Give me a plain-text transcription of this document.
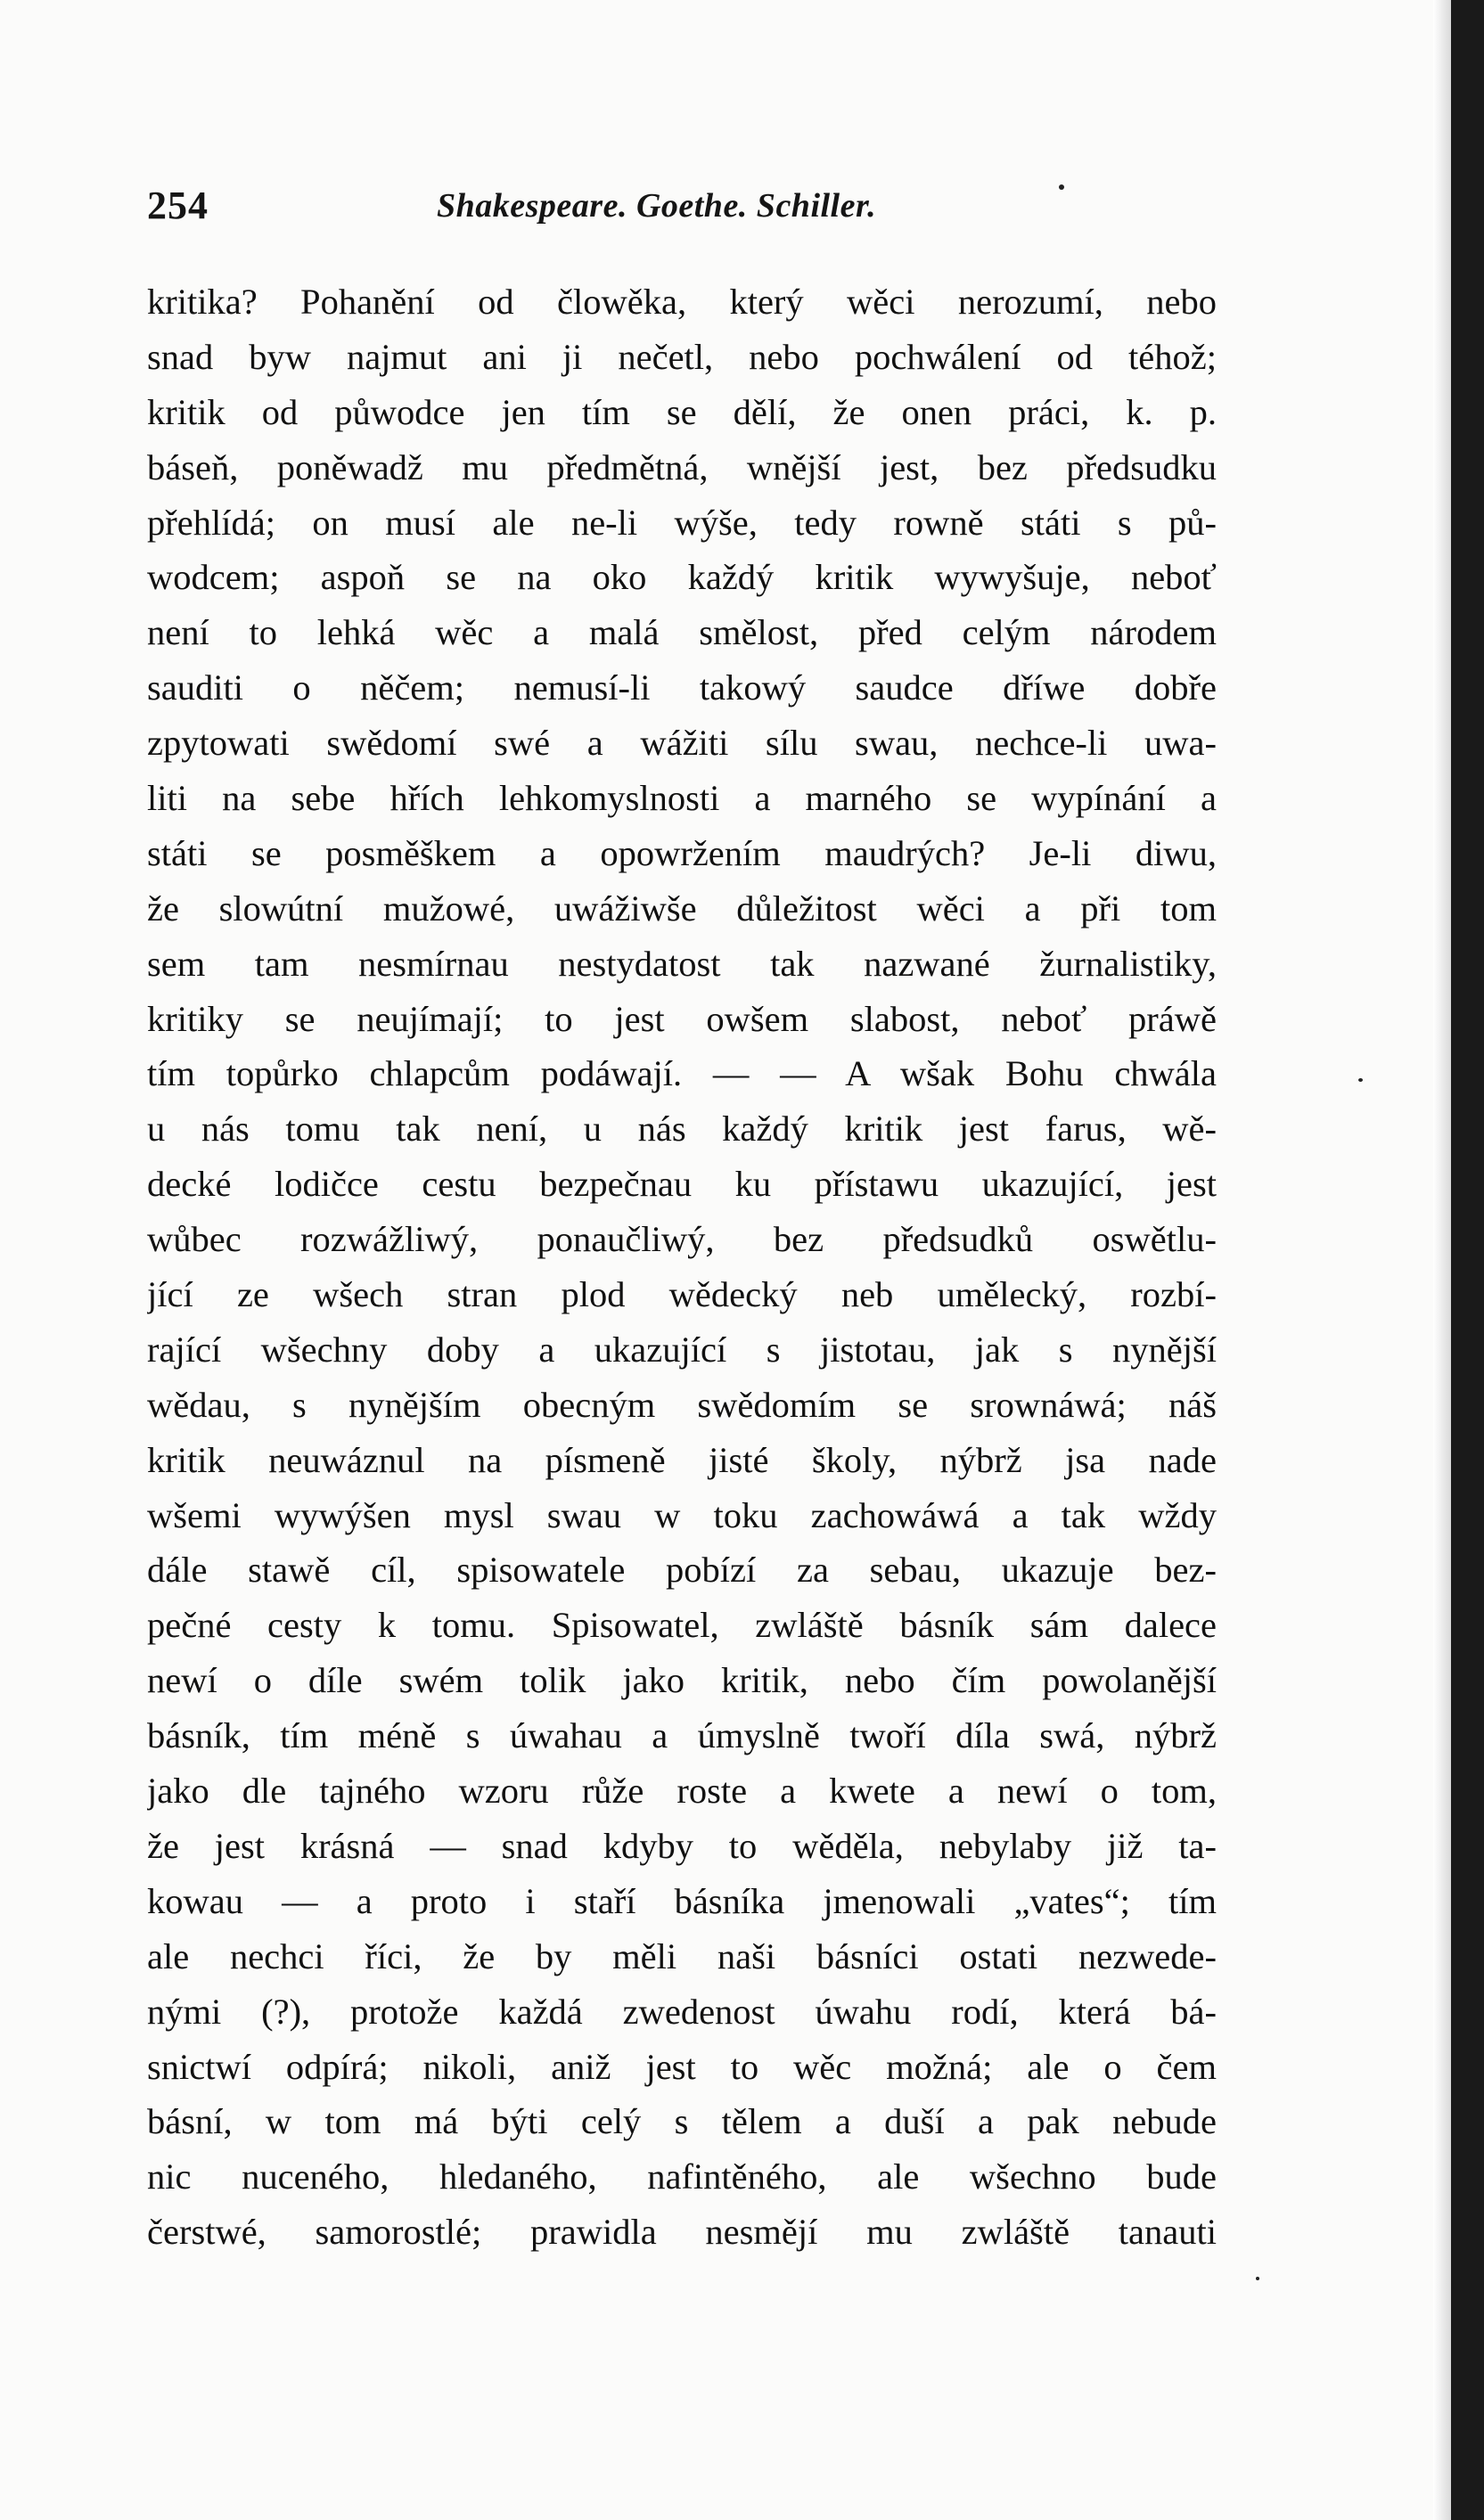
254	Shakespeare. Goethe. Schiller.
kritika? Pohanění od člowěka, který wěci nerozumí, nebo
snad byw najmut ani ji nečetl, nebo pochwálení od téhož;
kritik od půwodce jen tím se dělí, že onen práci, k. p.
báseň, poněwadž mu předmětná, wnější jest, bez předsudku
přehlídá; on musí ale ne-li wýše, tedy rowně státi s pů-
wodcem; aspoň se na oko každý kritik wywyšuje, neboť
není to lehká wěc a malá smělost, před celým národem
sauditi o něčem; nemusí-li takowý saudce dříwe dobře
zpytowati swědomí swé a wážiti sílu swau, nechce-li uwa-
liti na sebe hřích lehkomyslnosti a marného se wypínání a
státi se posměškem a opowržením maudrých? Je-li diwu,
že slowútní mužowé, uwážiwše důležitost wěci a při tom
sem tam nesmírnau nestydatost tak nazwané žurnalistiky,
kritiky se neujímají; to jest owšem slabost, neboť práwě
tím topůrko chlapcům podáwají. — — A wšak Bohu chwála
u nás tomu tak není, u nás každý kritik jest farus, wě-
decké lodičce cestu bezpečnau ku přístawu ukazující, jest
wůbec rozwážliwý, ponaučliwý, bez předsudků oswětlu-
jící ze wšech stran plod wědecký neb umělecký, rozbí-
rající wšechny doby a ukazující s jistotau, jak s nynější
wědau, s nynějším obecným swědomím se srownáwá; náš
kritik neuwáznul na písmeně jisté školy, nýbrž jsa nade
wšemi wywýšen mysl swau w toku zachowáwá a tak wždy
dále stawě cíl, spisowatele pobízí za sebau, ukazuje bez-
pečné cesty k tomu. Spisowatel, zwláště básník sám dalece
newí o díle swém tolik jako kritik, nebo čím powolanější
básník, tím méně s úwahau a úmyslně twoří díla swá, nýbrž
jako dle tajného wzoru růže roste a kwete a newí o tom,
že jest krásná — snad kdyby to wěděla, nebylaby již ta-
kowau — a proto i staří básníka jmenowali „vates“; tím
ale nechci říci, že by měli naši básníci ostati nezwede-
nými (?), protože každá zwedenost úwahu rodí, která bá-
snictwí odpírá; nikoli, aniž jest to wěc možná; ale o čem
básní, w tom má býti celý s tělem a duší a pak nebude
nic nuceného, hledaného, nafintěného, ale wšechno bude
čerstwé, samorostlé; prawidla nesmějí mu zwláště tanauti
